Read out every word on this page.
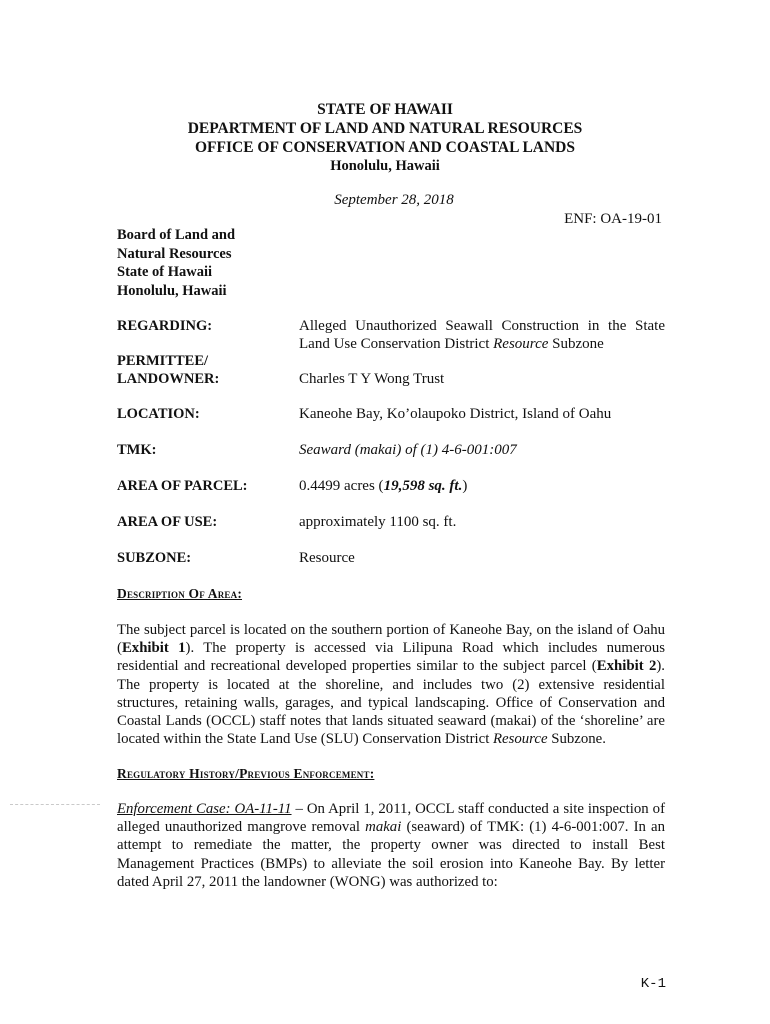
STATE OF HAWAII
DEPARTMENT OF LAND AND NATURAL RESOURCES
OFFICE OF CONSERVATION AND COASTAL LANDS
Honolulu, Hawaii
September 28, 2018
ENF: OA-19-01
Board of Land and
Natural Resources
State of Hawaii
Honolulu, Hawaii
REGARDING:	Alleged Unauthorized Seawall Construction in the State Land Use Conservation District Resource Subzone
PERMITTEE/
LANDOWNER:	Charles T Y Wong Trust
LOCATION:	Kaneohe Bay, Ko’olaupoko District, Island of Oahu
TMK:	Seaward (makai) of (1) 4-6-001:007
AREA OF PARCEL:	0.4499 acres (19,598 sq. ft.)
AREA OF USE:	approximately 1100 sq. ft.
SUBZONE:	Resource
Description Of Area:
The subject parcel is located on the southern portion of Kaneohe Bay, on the island of Oahu (Exhibit 1). The property is accessed via Lilipuna Road which includes numerous residential and recreational developed properties similar to the subject parcel (Exhibit 2). The property is located at the shoreline, and includes two (2) extensive residential structures, retaining walls, garages, and typical landscaping. Office of Conservation and Coastal Lands (OCCL) staff notes that lands situated seaward (makai) of the ‘shoreline’ are located within the State Land Use (SLU) Conservation District Resource Subzone.
Regulatory History/Previous Enforcement:
Enforcement Case: OA-11-11 – On April 1, 2011, OCCL staff conducted a site inspection of alleged unauthorized mangrove removal makai (seaward) of TMK: (1) 4-6-001:007. In an attempt to remediate the matter, the property owner was directed to install Best Management Practices (BMPs) to alleviate the soil erosion into Kaneohe Bay. By letter dated April 27, 2011 the landowner (WONG) was authorized to:
K-1
